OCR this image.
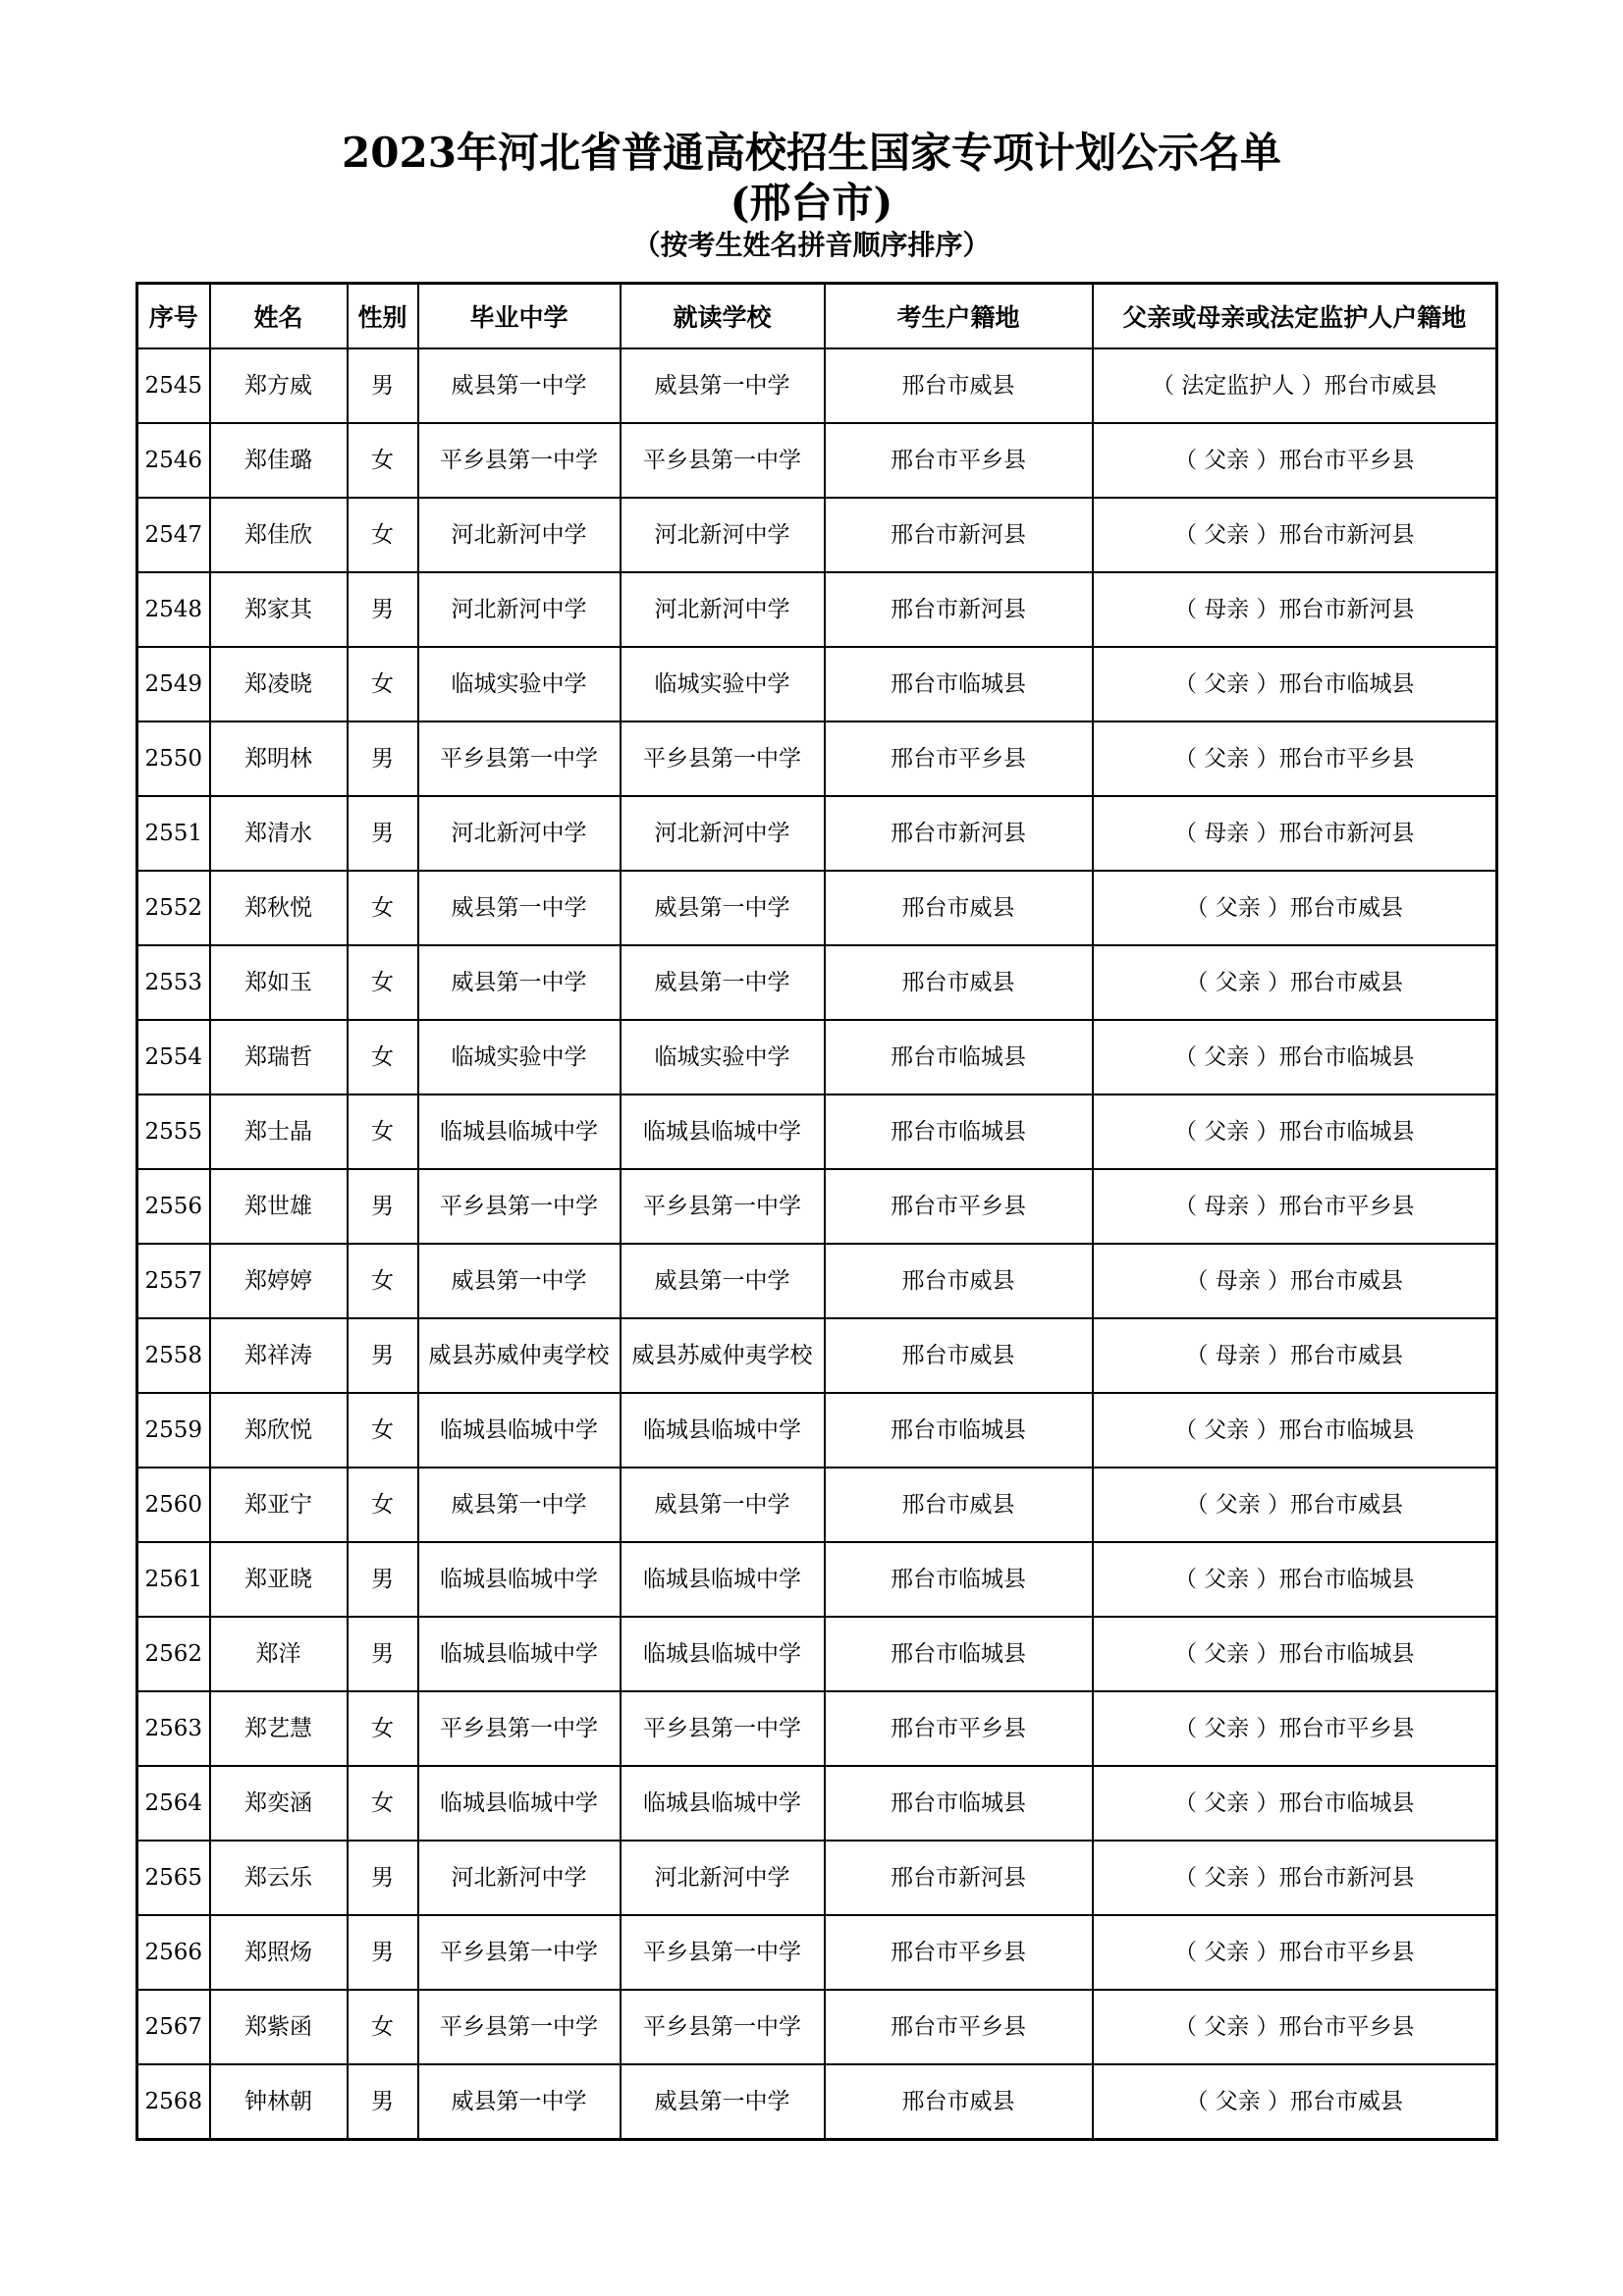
2023年河北省普通高校招生国家专项计划公示名单
(邢台市)
（按考生姓名拼音顺序排序）
序号	姓名	性别	毕业中学	就读学校	考生户籍地	父亲或母亲或法定监护人户籍地
2545	郑方威	男	威县第一中学	威县第一中学	邢台市威县	（ 法定监护人 ）邢台市威县
2546	郑佳璐	女	平乡县第一中学	平乡县第一中学	邢台市平乡县	（ 父亲 ）邢台市平乡县
2547	郑佳欣	女	河北新河中学	河北新河中学	邢台市新河县	（ 父亲 ）邢台市新河县
2548	郑家其	男	河北新河中学	河北新河中学	邢台市新河县	（ 母亲 ）邢台市新河县
2549	郑凌晓	女	临城实验中学	临城实验中学	邢台市临城县	（ 父亲 ）邢台市临城县
2550	郑明林	男	平乡县第一中学	平乡县第一中学	邢台市平乡县	（ 父亲 ）邢台市平乡县
2551	郑清水	男	河北新河中学	河北新河中学	邢台市新河县	（ 母亲 ）邢台市新河县
2552	郑秋悦	女	威县第一中学	威县第一中学	邢台市威县	（ 父亲 ）邢台市威县
2553	郑如玉	女	威县第一中学	威县第一中学	邢台市威县	（ 父亲 ）邢台市威县
2554	郑瑞哲	女	临城实验中学	临城实验中学	邢台市临城县	（ 父亲 ）邢台市临城县
2555	郑士晶	女	临城县临城中学	临城县临城中学	邢台市临城县	（ 父亲 ）邢台市临城县
2556	郑世雄	男	平乡县第一中学	平乡县第一中学	邢台市平乡县	（ 母亲 ）邢台市平乡县
2557	郑婷婷	女	威县第一中学	威县第一中学	邢台市威县	（ 母亲 ）邢台市威县
2558	郑祥涛	男	威县苏威仲夷学校	威县苏威仲夷学校	邢台市威县	（ 母亲 ）邢台市威县
2559	郑欣悦	女	临城县临城中学	临城县临城中学	邢台市临城县	（ 父亲 ）邢台市临城县
2560	郑亚宁	女	威县第一中学	威县第一中学	邢台市威县	（ 父亲 ）邢台市威县
2561	郑亚晓	男	临城县临城中学	临城县临城中学	邢台市临城县	（ 父亲 ）邢台市临城县
2562	郑洋	男	临城县临城中学	临城县临城中学	邢台市临城县	（ 父亲 ）邢台市临城县
2563	郑艺慧	女	平乡县第一中学	平乡县第一中学	邢台市平乡县	（ 父亲 ）邢台市平乡县
2564	郑奕涵	女	临城县临城中学	临城县临城中学	邢台市临城县	（ 父亲 ）邢台市临城县
2565	郑云乐	男	河北新河中学	河北新河中学	邢台市新河县	（ 父亲 ）邢台市新河县
2566	郑照炀	男	平乡县第一中学	平乡县第一中学	邢台市平乡县	（ 父亲 ）邢台市平乡县
2567	郑紫函	女	平乡县第一中学	平乡县第一中学	邢台市平乡县	（ 父亲 ）邢台市平乡县
2568	钟林朝	男	威县第一中学	威县第一中学	邢台市威县	（ 父亲 ）邢台市威县
